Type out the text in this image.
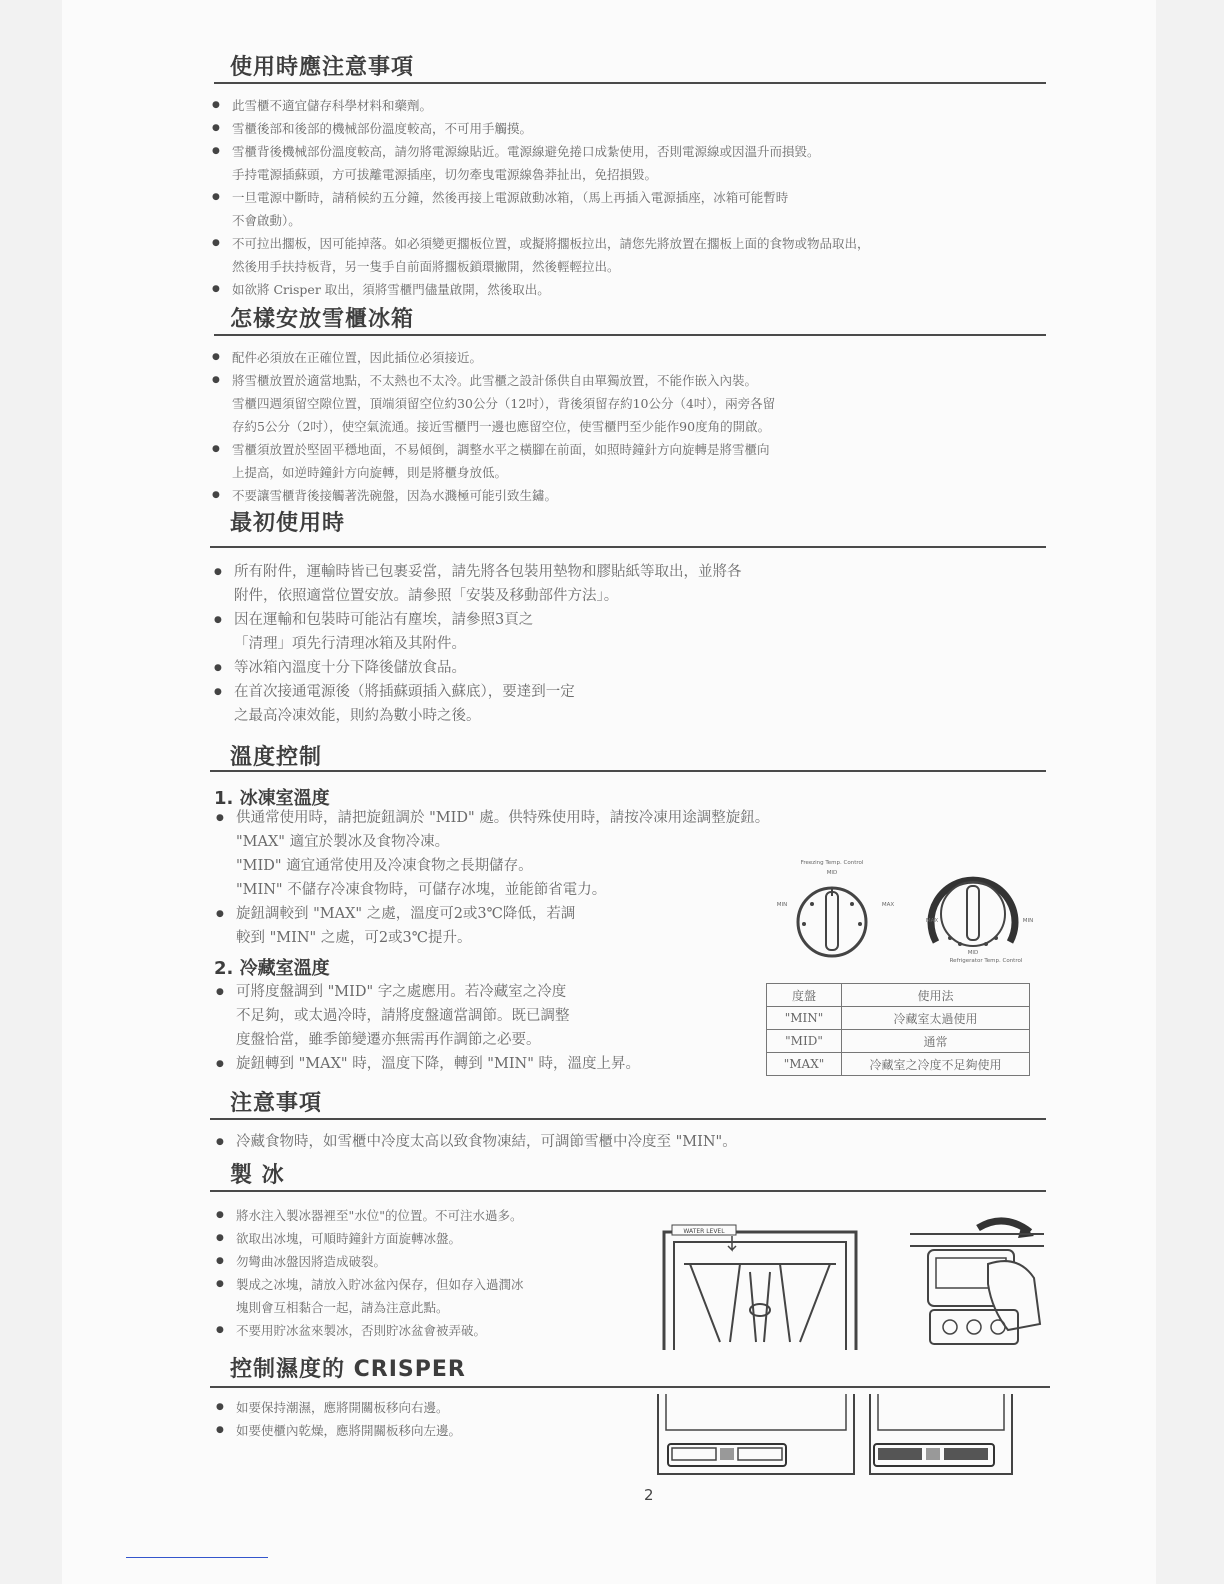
使用時應注意事項
● 此雪櫃不適宜儲存科學材料和藥劑。
● 雪櫃後部和後部的機械部份溫度較高，不可用手觸摸。
● 雪櫃背後機械部份溫度較高，請勿將電源線貼近。電源線避免捲口成紮使用，否則電源線或因溫升而損毀。
手持電源插蘇頭，方可拔離電源插座，切勿牽曳電源線魯莽扯出，免招損毀。
● 一旦電源中斷時，請稍候約五分鐘，然後再接上電源啟動冰箱，（馬上再插入電源插座，冰箱可能暫時
不會啟動）。
● 不可拉出擱板，因可能掉落。如必須變更擱板位置，或擬將擱板拉出，請您先將放置在擱板上面的食物或物品取出，
然後用手扶持板背，另一隻手自前面將擱板鎖環撇開，然後輕輕拉出。
● 如欲將 Crisper 取出，須將雪櫃門儘量啟開，然後取出。
怎樣安放雪櫃冰箱
● 配件必須放在正確位置，因此插位必須接近。
● 將雪櫃放置於適當地點，不太熱也不太冷。此雪櫃之設計係供自由單獨放置，不能作嵌入內裝。
雪櫃四週須留空隙位置，頂端須留空位約30公分（12吋），背後須留存約10公分（4吋），兩旁各留
存約5公分（2吋），使空氣流通。接近雪櫃門一邊也應留空位，使雪櫃門至少能作90度角的開啟。
● 雪櫃須放置於堅固平穩地面，不易傾倒，調整水平之橫腳在前面，如照時鐘針方向旋轉是將雪櫃向
上提高，如逆時鐘針方向旋轉，則是將櫃身放低。
● 不要讓雪櫃背後接觸著洗碗盤，因為水濺極可能引致生鏽。
最初使用時
● 所有附件，運輸時皆已包裹妥當，請先將各包裝用墊物和膠貼紙等取出，並將各
附件，依照適當位置安放。請參照「安裝及移動部件方法」。
● 因在運輸和包裝時可能沾有塵埃，請參照3頁之
「清理」項先行清理冰箱及其附件。
● 等冰箱內溫度十分下降後儲放食品。
● 在首次接通電源後（將插蘇頭插入蘇底），要達到一定
之最高冷凍效能，則約為數小時之後。
溫度控制
1. 冰凍室溫度
● 供通常使用時，請把旋鈕調於 "MID" 處。供特殊使用時，請按冷凍用途調整旋鈕。
"MAX" 適宜於製冰及食物冷凍。
"MID" 適宜通常使用及冷凍食物之長期儲存。
"MIN" 不儲存冷凍食物時，可儲存冰塊，並能節省電力。
● 旋鈕調較到 "MAX" 之處，溫度可2或3℃降低，若調
較到 "MIN" 之處，可2或3℃提升。
2. 冷藏室溫度
● 可將度盤調到 "MID" 字之處應用。若冷藏室之冷度
不足夠，或太過冷時，請將度盤適當調節。既已調整
度盤恰當，雖季節變遷亦無需再作調節之必要。
● 旋鈕轉到 "MAX" 時，溫度下降，轉到 "MIN" 時，溫度上昇。
Freezing Temp. Control
MID
MIN	MAX
MAX	MIN
MID
Refrigerator Temp. Control
度盤	使用法
"MIN"	冷藏室太過使用
"MID"	通常
"MAX"	冷藏室之冷度不足夠使用
注意事項
● 冷藏食物時，如雪櫃中冷度太高以致食物凍結，可調節雪櫃中冷度至 "MIN"。
製 冰
● 將水注入製冰器裡至"水位"的位置。不可注水過多。
● 欲取出冰塊，可順時鐘針方面旋轉冰盤。
● 勿彎曲冰盤因將造成破裂。
● 製成之冰塊，請放入貯冰盆內保存，但如存入過潤冰
塊則會互相黏合一起，請為注意此點。
● 不要用貯冰盆來製冰，否則貯冰盆會被弄破。
WATER LEVEL
控制濕度的 CRISPER
● 如要保持潮濕，應將開關板移向右邊。
● 如要使櫃內乾燥，應將開關板移向左邊。
2
